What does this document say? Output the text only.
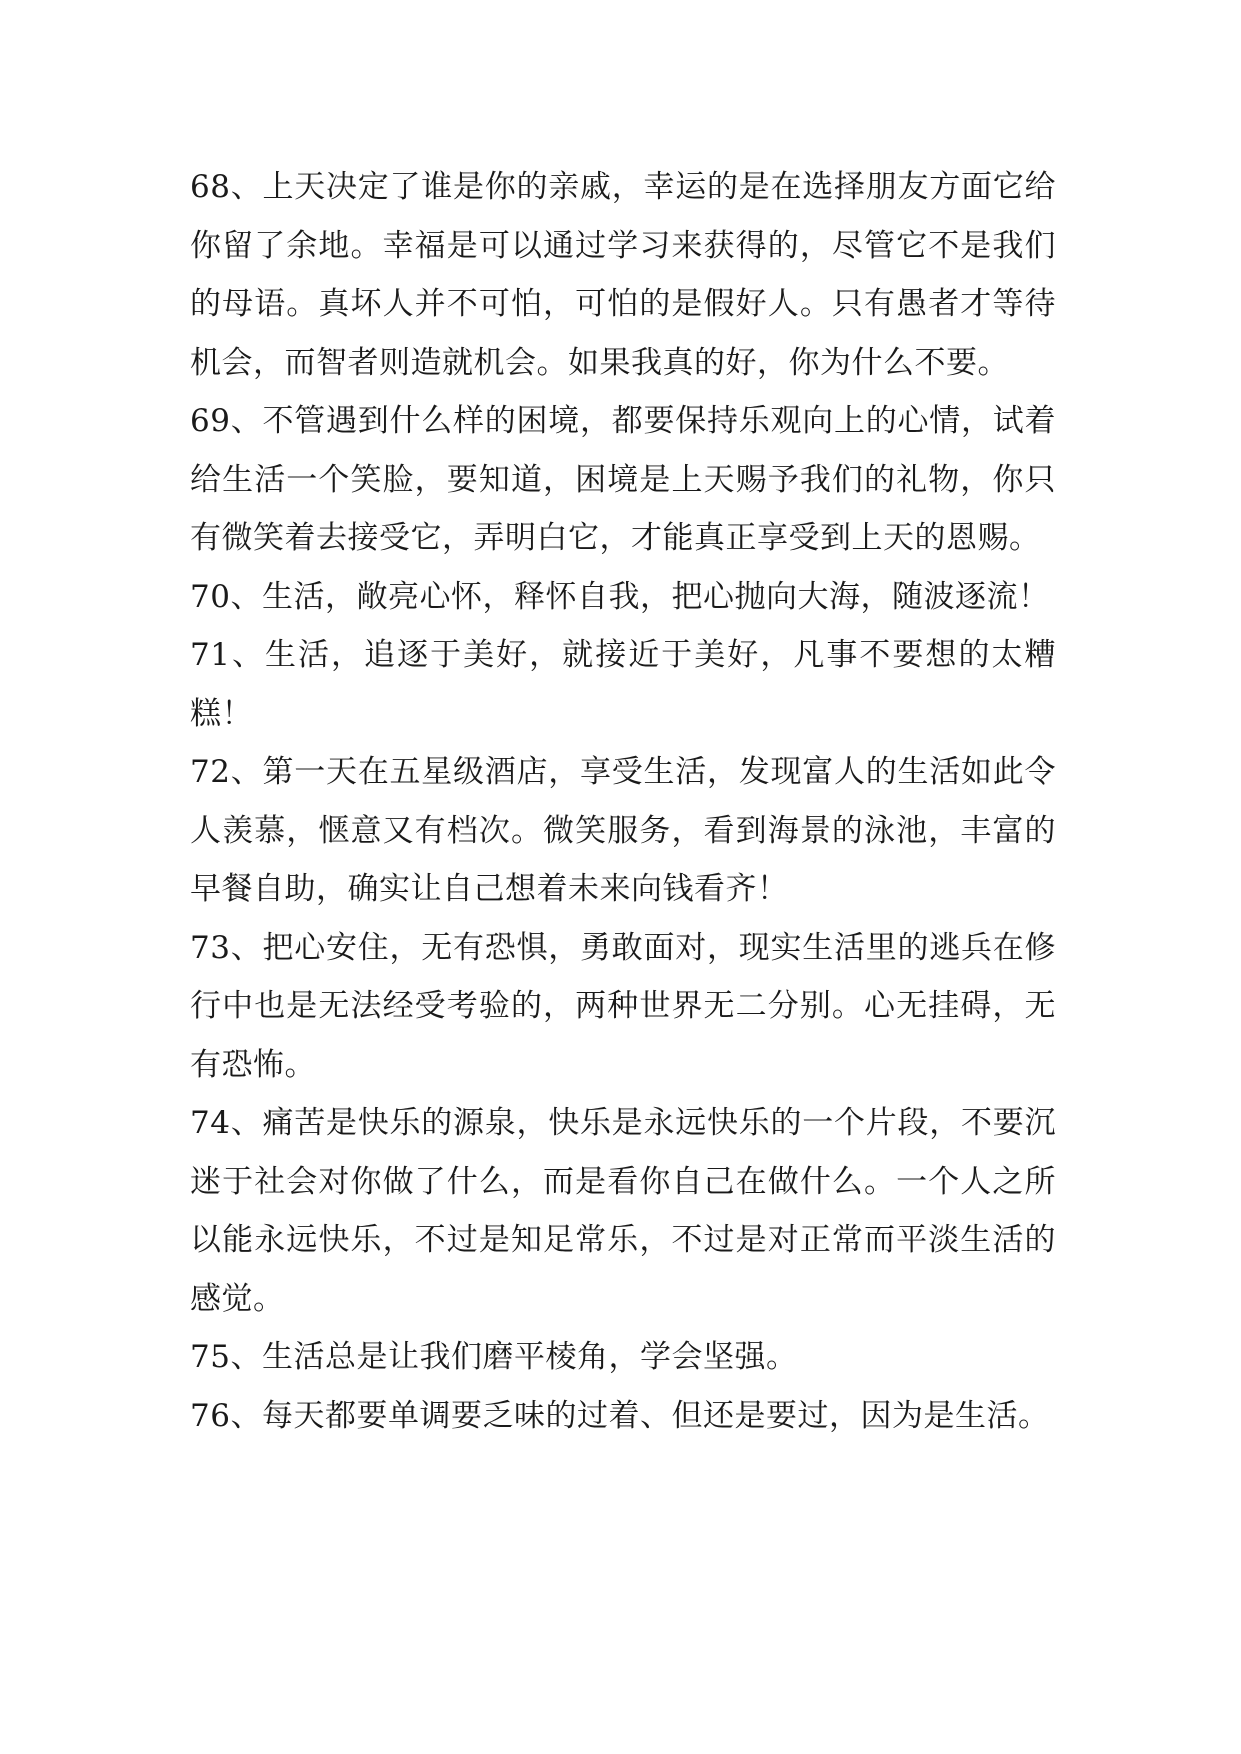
68、上天决定了谁是你的亲戚，幸运的是在选择朋友方面它给你留了余地。幸福是可以通过学习来获得的，尽管它不是我们的母语。真坏人并不可怕，可怕的是假好人。只有愚者才等待机会，而智者则造就机会。如果我真的好，你为什么不要。

69、不管遇到什么样的困境，都要保持乐观向上的心情，试着给生活一个笑脸，要知道，困境是上天赐予我们的礼物，你只有微笑着去接受它，弄明白它，才能真正享受到上天的恩赐。

70、生活，敞亮心怀，释怀自我，把心抛向大海，随波逐流！

71、生活，追逐于美好，就接近于美好，凡事不要想的太糟糕！

72、第一天在五星级酒店，享受生活，发现富人的生活如此令人羡慕，惬意又有档次。微笑服务，看到海景的泳池，丰富的早餐自助，确实让自己想着未来向钱看齐！

73、把心安住，无有恐惧，勇敢面对，现实生活里的逃兵在修行中也是无法经受考验的，两种世界无二分别。心无挂碍，无有恐怖。

74、痛苦是快乐的源泉，快乐是永远快乐的一个片段，不要沉迷于社会对你做了什么，而是看你自己在做什么。一个人之所以能永远快乐，不过是知足常乐，不过是对正常而平淡生活的感觉。

75、生活总是让我们磨平棱角，学会坚强。

76、每天都要单调要乏味的过着、但还是要过，因为是生活。
